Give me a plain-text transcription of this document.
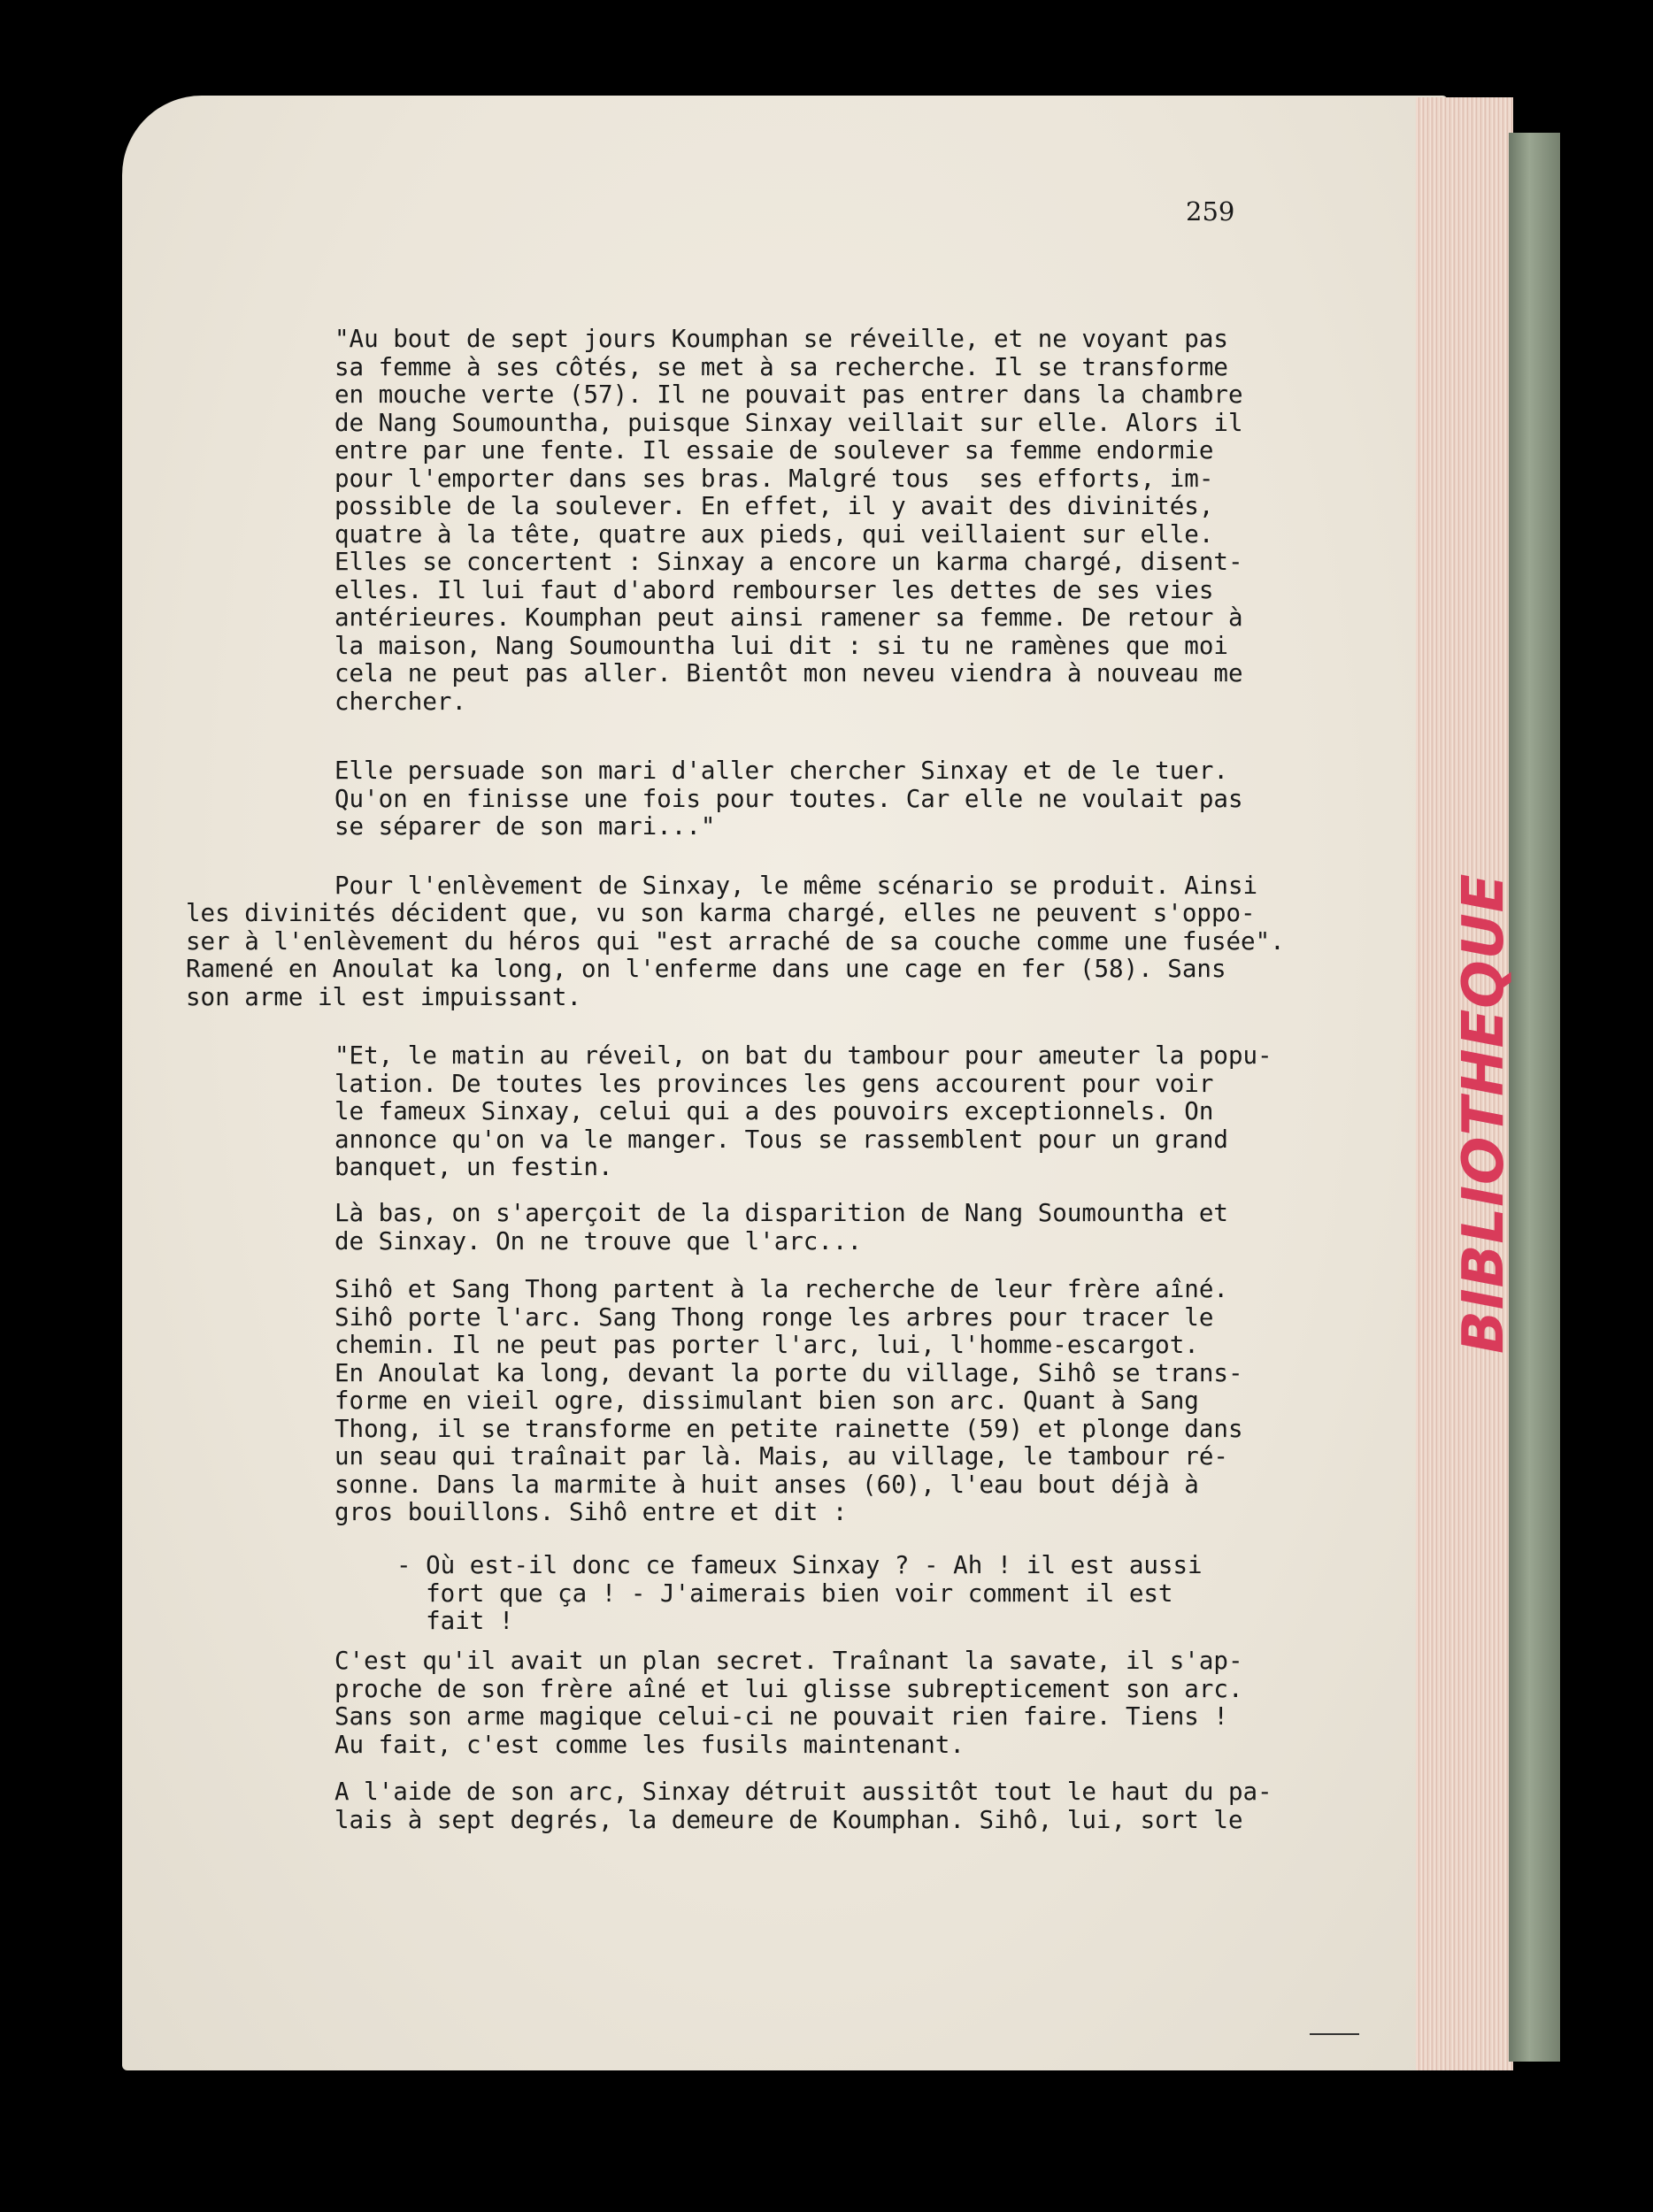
BIBLIOTHEQUE
259
"Au bout de sept jours Koumphan se réveille, et ne voyant pas
sa femme à ses côtés, se met à sa recherche. Il se transforme
en mouche verte (57). Il ne pouvait pas entrer dans la chambre
de Nang Soumountha, puisque Sinxay veillait sur elle. Alors il
entre par une fente. Il essaie de soulever sa femme endormie
pour l'emporter dans ses bras. Malgré tous  ses efforts, im-
possible de la soulever. En effet, il y avait des divinités,
quatre à la tête, quatre aux pieds, qui veillaient sur elle.
Elles se concertent : Sinxay a encore un karma chargé, disent-
elles. Il lui faut d'abord rembourser les dettes de ses vies
antérieures. Koumphan peut ainsi ramener sa femme. De retour à
la maison, Nang Soumountha lui dit : si tu ne ramènes que moi
cela ne peut pas aller. Bientôt mon neveu viendra à nouveau me
chercher.
Elle persuade son mari d'aller chercher Sinxay et de le tuer.
Qu'on en finisse une fois pour toutes. Car elle ne voulait pas
se séparer de son mari..."
Pour l'enlèvement de Sinxay, le même scénario se produit. Ainsi
les divinités décident que, vu son karma chargé, elles ne peuvent s'oppo-
ser à l'enlèvement du héros qui "est arraché de sa couche comme une fusée".
Ramené en Anoulat ka long, on l'enferme dans une cage en fer (58). Sans
son arme il est impuissant.
"Et, le matin au réveil, on bat du tambour pour ameuter la popu-
lation. De toutes les provinces les gens accourent pour voir
le fameux Sinxay, celui qui a des pouvoirs exceptionnels. On
annonce qu'on va le manger. Tous se rassemblent pour un grand
banquet, un festin.
Là bas, on s'aperçoit de la disparition de Nang Soumountha et
de Sinxay. On ne trouve que l'arc...
Sihô et Sang Thong partent à la recherche de leur frère aîné.
Sihô porte l'arc. Sang Thong ronge les arbres pour tracer le
chemin. Il ne peut pas porter l'arc, lui, l'homme-escargot.
En Anoulat ka long, devant la porte du village, Sihô se trans-
forme en vieil ogre, dissimulant bien son arc. Quant à Sang
Thong, il se transforme en petite rainette (59) et plonge dans
un seau qui traînait par là. Mais, au village, le tambour ré-
sonne. Dans la marmite à huit anses (60), l'eau bout déjà à
gros bouillons. Sihô entre et dit :
- Où est-il donc ce fameux Sinxay ? - Ah ! il est aussi
fort que ça ! - J'aimerais bien voir comment il est
fait !
C'est qu'il avait un plan secret. Traînant la savate, il s'ap-
proche de son frère aîné et lui glisse subrepticement son arc.
Sans son arme magique celui-ci ne pouvait rien faire. Tiens !
Au fait, c'est comme les fusils maintenant.
A l'aide de son arc, Sinxay détruit aussitôt tout le haut du pa-
lais à sept degrés, la demeure de Koumphan. Sihô, lui, sort le
